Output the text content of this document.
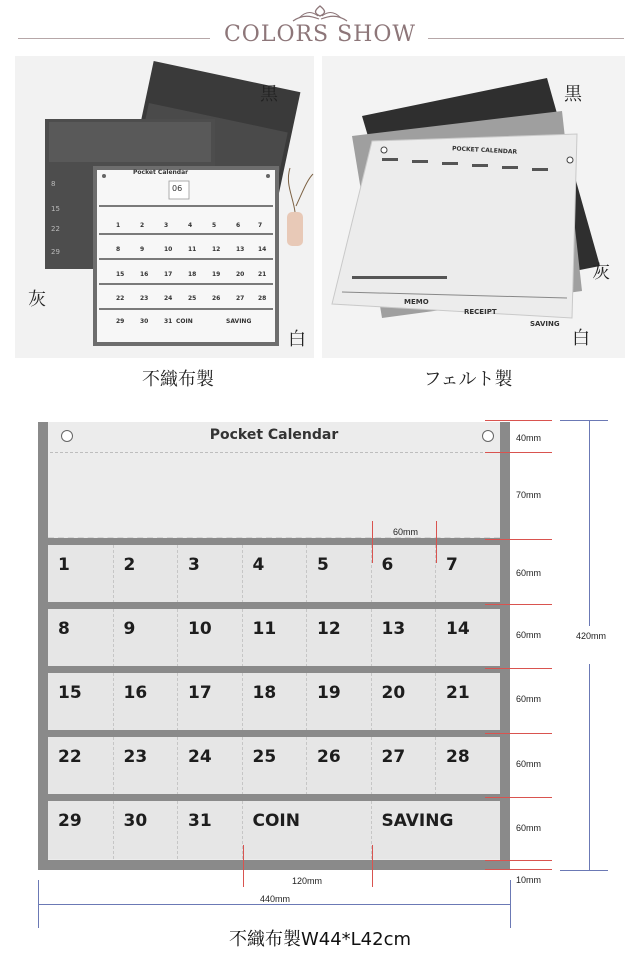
COLORS SHOW
8
15
22
29
Pocket Calendar
06
黒
灰
白
1	2	3	4	5	6	7
8	9	10	11	12	13 14
15	16	17	18	19	20 21
22	23	24	25	26	27 28
29	30	31 COIN	SAVING
POCKET CALENDAR
MEMO
RECEIPT
SAVING
黒
灰
白
不織布製	フェルト製
Pocket Calendar
1	2	3	4	5	6	7
8	9	10 11 12 13 14
15 16 17 18 19 20 21
22 23 24 25 26 27 28
29 30 31 COIN	SAVING
40mm
70mm
60mm
60mm
60mm
60mm
60mm
10mm
60mm
120mm
420mm
440mm
不織布製W44*L42cm
